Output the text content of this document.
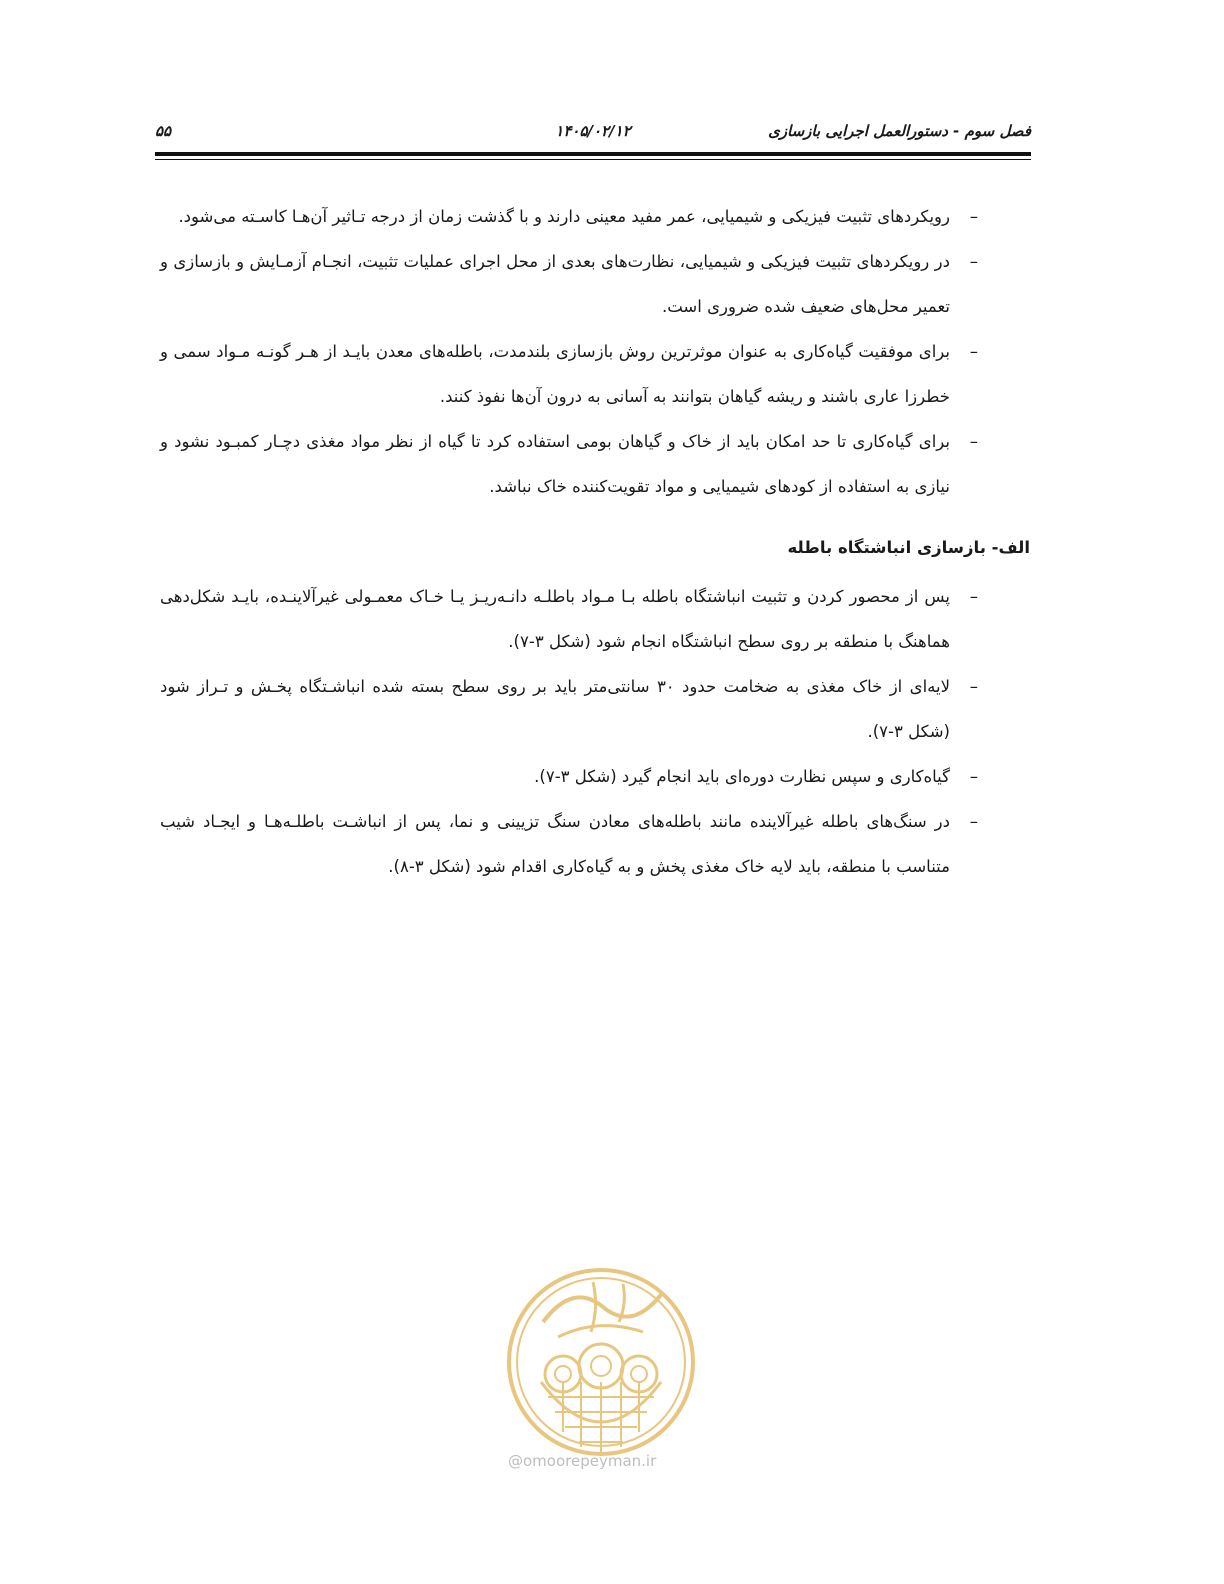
فصل سوم - دستورالعمل اجرایی بازسازی
۱۴۰۵/۰۲/۱۲
۵۵
–
رویکردهای تثبیت فیزیکی و شیمیایی، عمر مفید معینی دارند و با گذشت زمان از درجه تـاثیر آن‌هـا کاسـته می‌شود.
–
در رویکردهای تثبیت فیزیکی و شیمیایی، نظارت‌های بعدی از محل اجرای عملیات تثبیت، انجـام آزمـایش و بازسازی و تعمیر محل‌های ضعیف شده ضروری است.
–
برای موفقیت گیاه‌کاری به عنوان موثرترین روش بازسازی بلندمدت، باطله‌های معدن بایـد از هـر گونـه مـواد سمی و خطرزا عاری باشند و ریشه گیاهان بتوانند به آسانی به درون آن‌ها نفوذ کنند.
–
برای گیاه‌کاری تا حد امکان باید از خاک و گیاهان بومی استفاده کرد تا گیاه از نظر مواد مغذی دچـار کمبـود نشود و نیازی به استفاده از کودهای شیمیایی و مواد تقویت‌کننده خاک نباشد.
الف- بازسازی انباشتگاه باطله
–
پس از محصور کردن و تثبیت انباشتگاه باطله بـا مـواد باطلـه دانـه‌ریـز یـا خـاک معمـولی غیرآلاینـده، بایـد شکل‌دهی هماهنگ با منطقه بر روی سطح انباشتگاه انجام شود (شکل ۳-۷).
–
لایه‌ای از خاک مغذی به ضخامت حدود ۳۰ سانتی‌متر باید بر روی سطح بسته شده انباشـتگاه پخـش و تـراز شود (شکل ۳-۷).
–
گیاه‌کاری و سپس نظارت دوره‌ای باید انجام گیرد (شکل ۳-۷).
–
در سنگ‌های باطله غیرآلاینده مانند باطله‌های معادن سنگ تزیینی و نما، پس از انباشـت باطلـه‌هـا و ایجـاد شیب متناسب با منطقه، باید لایه خاک مغذی پخش و به گیاه‌کاری اقدام شود (شکل ۳-۸).
@omoorepeyman.ir
